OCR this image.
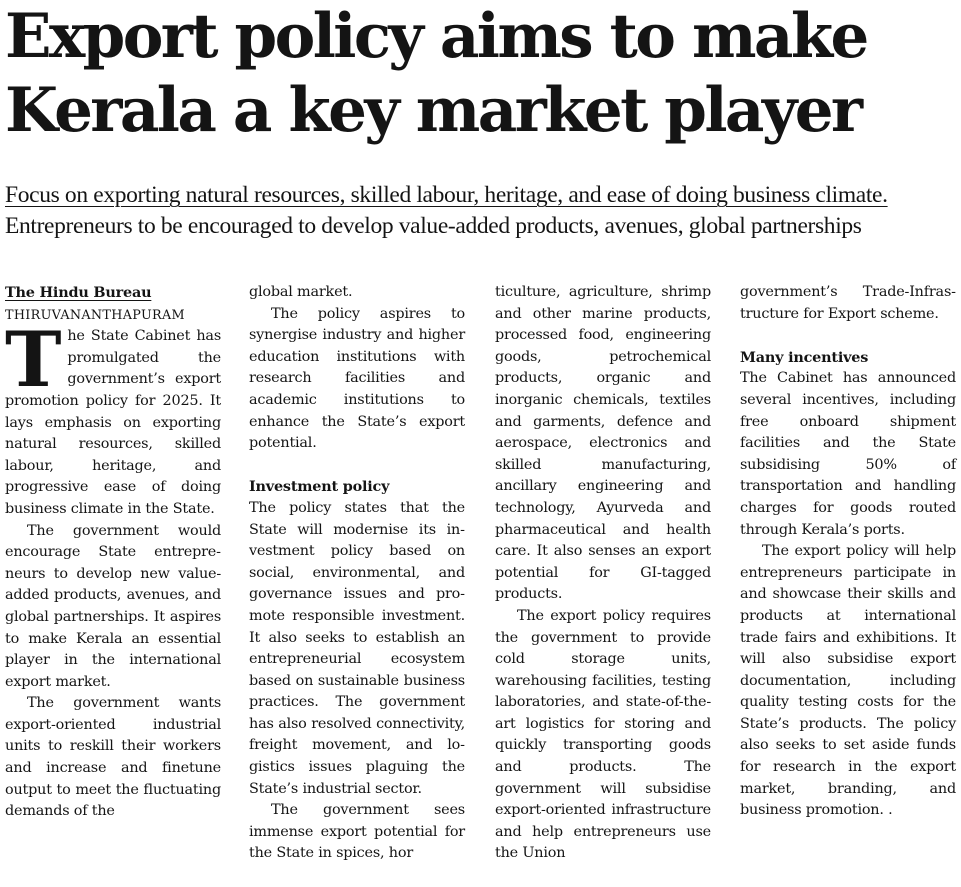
Export policy aims to make Kerala a key market player
Focus on exporting natural resources, skilled labour, heritage, and ease of doing business climate.
Entrepreneurs to be encouraged to develop value-added products, avenues, global partnerships

The Hindu Bureau

THIRUVANANTHAPURAM

The State Cabinet has promulgated the government’s export promotion policy for 2025. It lays emphasis on exporting natural resources, skilled labour, heritage, and progressive ease of doing business climate in the State.

The government would encourage State entrepreneurs to develop new value-added products, avenues, and global partnerships. It aspires to make Kerala an essential player in the international export market.

The government wants export-oriented industrial units to reskill their workers and increase and finetune output to meet the fluctuating demands of the

global market.

The policy aspires to synergise industry and higher education institutions with research facilities and academic institutions to enhance the State’s export potential.

Investment policy

The policy states that the State will modernise its investment policy based on social, environmental, and governance issues and promote responsible investment. It also seeks to establish an entrepreneurial ecosystem based on sustainable business practices. The government has also resolved connectivity, freight movement, and logistics issues plaguing the State’s industrial sector.

The government sees immense export potential for the State in spices, hor

ticulture, agriculture, shrimp and other marine products, processed food, engineering goods, petrochemical products, organic and inorganic chemicals, textiles and garments, defence and aerospace, electronics and skilled manufacturing, ancillary engineering and technology, Ayurveda and pharmaceutical and health care. It also senses an export potential for GI-tagged products.

The export policy requires the government to provide cold storage units, warehousing facilities, testing laboratories, and state-of-the-art logistics for storing and quickly transporting goods and products. The government will subsidise export-oriented infrastructure and help entrepreneurs use the Union

government’s Trade-Infrastructure for Export scheme.

Many incentives

The Cabinet has announced several incentives, including free onboard shipment facilities and the State subsidising 50% of transportation and handling charges for goods routed through Kerala’s ports.

The export policy will help entrepreneurs participate in and showcase their skills and products at international trade fairs and exhibitions. It will also subsidise export documentation, including quality testing costs for the State’s products. The policy also seeks to set aside funds for research in the export market, branding, and business promotion. .
